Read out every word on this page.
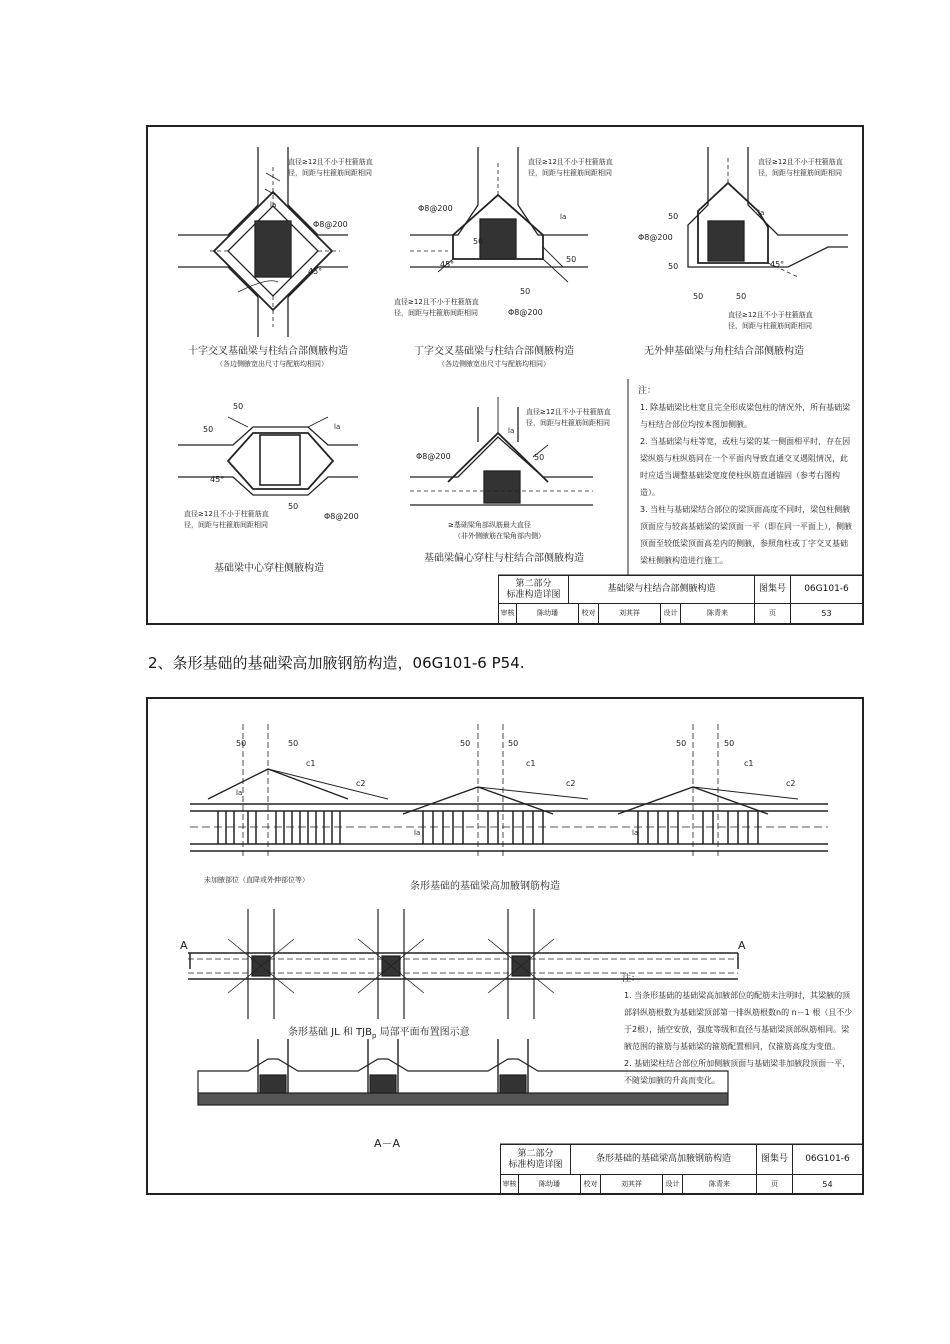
直径≥12且不小于柱箍筋直
径，间距与柱箍筋间距相同
Φ8@200
45°
la
直径≥12且不小于柱箍筋直
径，间距与柱箍筋间距相同
Φ8@200
50
50
50
45°
la
直径≥12且不小于柱箍筋直
径，间距与柱箍筋间距相同	Φ8@200
直径≥12且不小于柱箍筋直
径，间距与柱箍筋间距相同
Φ8@200
50
50
50	50
45°
la
直径≥12且不小于柱箍筋直
径，间距与柱箍筋间距相同
十字交叉基础梁与柱结合部侧腋构造
（各边侧腋宽出尺寸与配筋均相同）
丁字交叉基础梁与柱结合部侧腋构造
（各边侧腋宽出尺寸与配筋均相同）
无外伸基础梁与角柱结合部侧腋构造
50
50
50
45°
Φ8@200
la
直径≥12且不小于柱箍筋直
径，间距与柱箍筋间距相同
基础梁中心穿柱侧腋构造
直径≥12且不小于柱箍筋直
径，间距与柱箍筋间距相同
Φ8@200	50
la
≥基础梁角部纵筋最大直径
（非外侧腋筋在梁角部内侧）
基础梁偏心穿柱与柱结合部侧腋构造
注：
1. 除基础梁比柱宽且完全形成梁包柱的情况外，所有基础梁与柱结合部位均按本图加侧腋。
2. 当基础梁与柱等宽，或柱与梁的某一侧面相平时，存在因梁纵筋与柱纵筋同在一个平面内导致直通交叉遇阻情况，此时应适当调整基础梁宽度使柱纵筋直通锚固（参考右图构造）。
3. 当柱与基础梁结合部位的梁顶面高度不同时，梁包柱侧腋顶面应与较高基础梁的梁顶面一平（即在同一平面上），侧腋顶面至较低梁顶面高差内的侧腋，参照角柱或丁字交叉基础梁柱侧腋构造进行施工。
第二部分
标准构造详图
基础梁与柱结合部侧腋构造	图集号	06G101-6
审核	陈幼璠	校对	刘其祥	设计	陈青来	页	53
2、条形基础的基础梁高加腋钢筋构造，06G101-6 P54.
50	50	50	50	50	50
c1	c1	c1
c2	c2	c2
la
la	la
未加腋部位（直降或外伸部位等）
条形基础的基础梁高加腋钢筋构造
A	A
条形基础 JL 和 $TJB_p$ 局部平面布置图示意
A－A
注：
1. 当条形基础的基础梁高加腋部位的配筋未注明时，其梁腋的顶部斜纵筋根数为基础梁顶部第一排纵筋根数n的 n－1 根（且不少于2根），插空安放，强度等级和直径与基础梁顶部纵筋相同。梁腋范围的箍筋与基础梁的箍筋配置相同，仅箍筋高度为变值。
2. 基础梁柱结合部位所加侧腋顶面与基础梁非加腋段顶面一平，不随梁加腋的升高而变化。
第二部分
标准构造详图
条形基础的基础梁高加腋钢筋构造	图集号	06G101-6
审核	陈幼璠	校对	刘其祥	设计	陈青来	页	54
